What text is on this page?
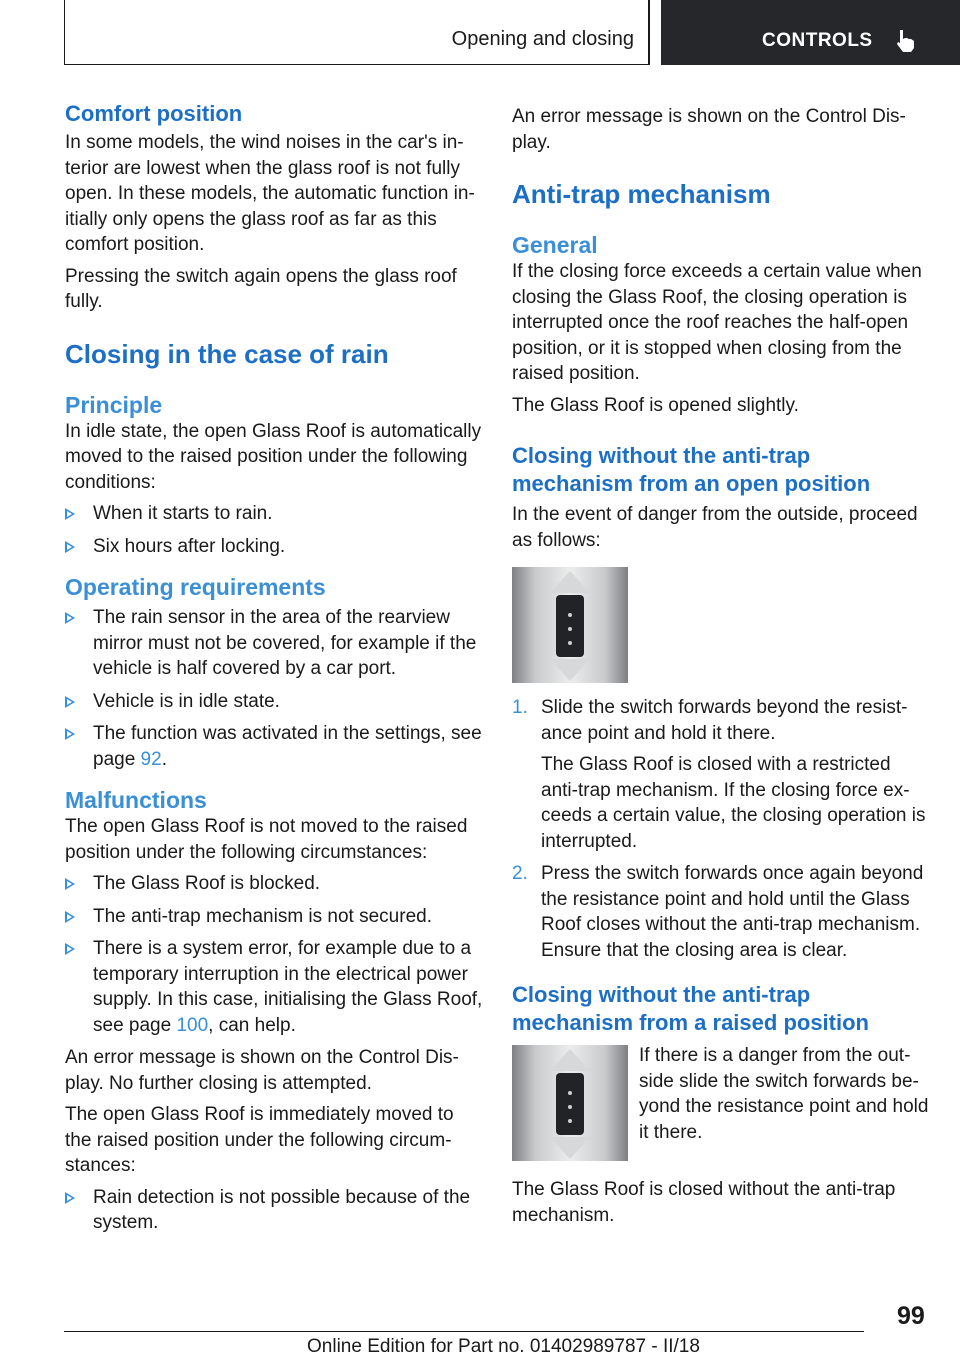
Opening and closing	CONTROLS
Comfort position

In some models, the wind noises in the car's in-terior are lowest when the glass roof is not fully open. In these models, the automatic function in-itially only opens the glass roof as far as this comfort position.

Pressing the switch again opens the glass roof fully.

Closing in the case of rain
Principle

In idle state, the open Glass Roof is automatically moved to the raised position under the following conditions:

When it starts to rain.
Six hours after locking.
Operating requirements
The rain sensor in the area of the rearview mirror must not be covered, for example if the vehicle is half covered by a car port.
Vehicle is in idle state.
The function was activated in the settings, see page 92.
Malfunctions

The open Glass Roof is not moved to the raised position under the following circumstances:

The Glass Roof is blocked.
The anti-trap mechanism is not secured.
There is a system error, for example due to a temporary interruption in the electrical power supply. In this case, initialising the Glass Roof, see page 100, can help.

An error message is shown on the Control Dis-play. No further closing is attempted.

The open Glass Roof is immediately moved to the raised position under the following circum-stances:

Rain detection is not possible because of the system.

An error message is shown on the Control Dis-play.

Anti-trap mechanism
General

If the closing force exceeds a certain value when closing the Glass Roof, the closing operation is interrupted once the roof reaches the half-open position, or it is stopped when closing from the raised position.

The Glass Roof is opened slightly.

Closing without the anti-trap mechanism from an open position

In the event of danger from the outside, proceed as follows:

1. Slide the switch forwards beyond the resist-ance point and hold it there.
The Glass Roof is closed with a restricted anti-trap mechanism. If the closing force ex-ceeds a certain value, the closing operation is interrupted.
2. Press the switch forwards once again beyond the resistance point and hold until the Glass Roof closes without the anti-trap mechanism. Ensure that the closing area is clear.
Closing without the anti-trap mechanism from a raised position

If there is a danger from the out-side slide the switch forwards be-yond the resistance point and hold it there.

The Glass Roof is closed without the anti-trap mechanism.

99
Online Edition for Part no. 01402989787 - II/18
